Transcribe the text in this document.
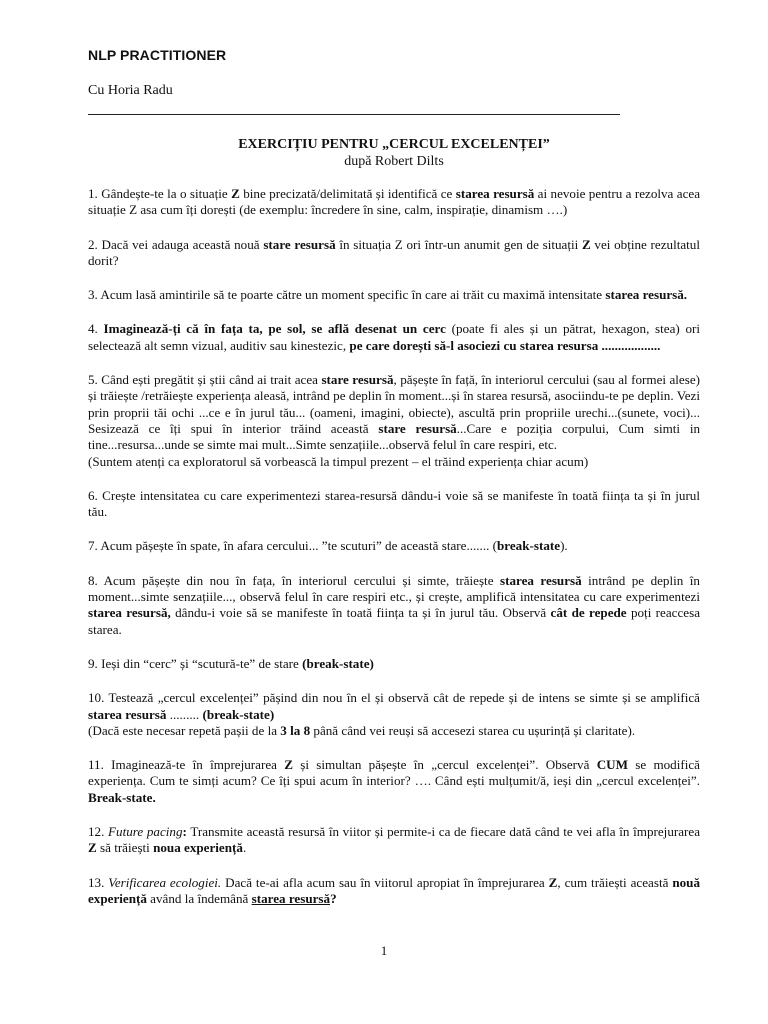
NLP PRACTITIONER
Cu Horia Radu
EXERCIȚIU PENTRU „CERCUL EXCELENȚEI”
după Robert Dilts

1. Gândește-te la o situație Z bine precizată/delimitată și identifică ce starea resursă ai nevoie pentru a rezolva acea situație Z asa cum îți dorești (de exemplu: încredere în sine, calm, inspirație, dinamism ….)

2. Dacă vei adauga această nouă stare resursă în situația Z ori într-un anumit gen de situații Z vei obține rezultatul dorit?

3. Acum lasă amintirile să te poarte către un moment specific în care ai trăit cu maximă intensitate starea resursă.

4. Imaginează-ți că în fața ta, pe sol, se află desenat un cerc (poate fi ales și un pătrat, hexagon, stea) ori selectează alt semn vizual, auditiv sau kinestezic, pe care dorești să-l asociezi cu starea resursa ..................

5. Când ești pregătit și știi când ai trait acea stare resursă, pășește în față, în interiorul cercului (sau al formei alese) și trăiește /retrăiește experiența aleasă, intrând pe deplin în moment...și în starea resursă, asociindu-te pe deplin. Vezi prin proprii tăi ochi ...ce e în jurul tău... (oameni, imagini, obiecte), ascultă prin propriile urechi...(sunete, voci)... Sesizează ce îți spui în interior trăind această stare resursă...Care e poziția corpului, Cum simti in tine...resursa...unde se simte mai mult...Simte senzațiile...observă felul în care respiri, etc.
(Suntem atenți ca exploratorul să vorbească la timpul prezent – el trăind experiența chiar acum)

6. Crește intensitatea cu care experimentezi starea-resursă dându-i voie să se manifeste în toată ființa ta și în jurul tău.

7. Acum pășește în spate, în afara cercului... ”te scuturi” de această stare....... (break-state).

8. Acum pășește din nou în fața, în interiorul cercului și simte, trăiește starea resursă intrând pe deplin în moment...simte senzațiile..., observă felul în care respiri etc., și crește, amplifică intensitatea cu care experimentezi starea resursă, dându-i voie să se manifeste în toată ființa ta și în jurul tău. Observă cât de repede poți reaccesa starea.

9. Ieși din “cerc” și “scutură-te” de stare (break-state)

10. Testează „cercul excelenței” pășind din nou în el și observă cât de repede și de intens se simte și se amplifică starea resursă ......... (break-state)
(Dacă este necesar repetă pașii de la 3 la 8 până când vei reuși să accesezi starea cu ușurință și claritate).

11. Imaginează-te în împrejurarea Z și simultan pășește în „cercul excelenței”. Observă CUM se modifică experiența. Cum te simți acum? Ce îți spui acum în interior? …. Când ești mulțumit/ă, ieși din „cercul excelenței”. Break-state.

12. Future pacing: Transmite această resursă în viitor și permite-i ca de fiecare dată când te vei afla în împrejurarea Z să trăiești noua experiență.

13. Verificarea ecologiei. Dacă te-ai afla acum sau în viitorul apropiat în împrejurarea Z, cum trăiești această nouă experiență având la îndemână starea resursă?

1
